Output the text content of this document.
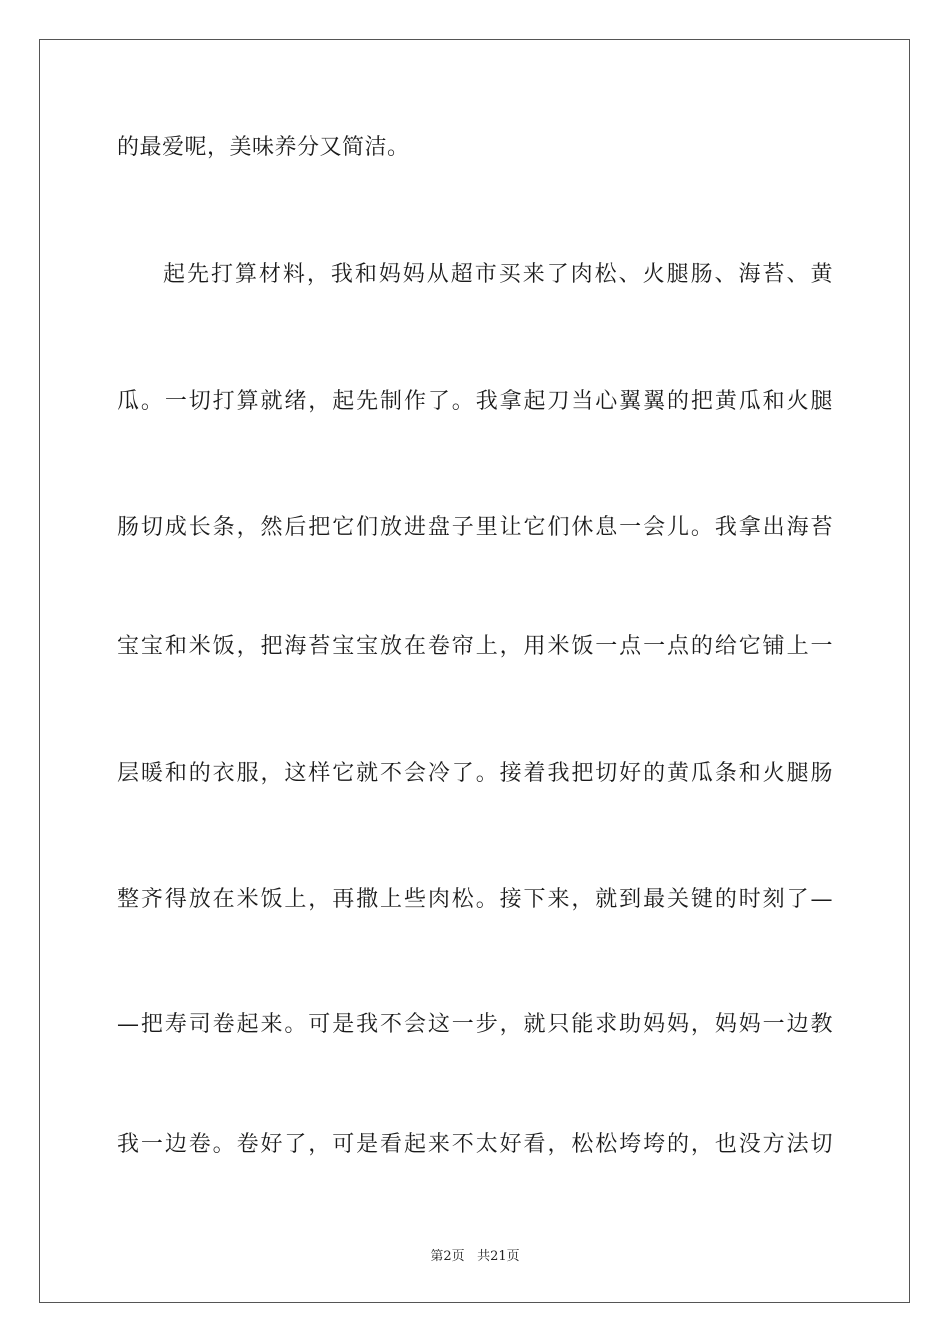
的最爱呢，美味养分又简洁。
起先打算材料，我和妈妈从超市买来了肉松、火腿肠、海苔、黄
瓜。一切打算就绪，起先制作了。我拿起刀当心翼翼的把黄瓜和火腿
肠切成长条，然后把它们放进盘子里让它们休息一会儿。我拿出海苔
宝宝和米饭，把海苔宝宝放在卷帘上，用米饭一点一点的给它铺上一
层暖和的衣服，这样它就不会冷了。接着我把切好的黄瓜条和火腿肠
整齐得放在米饭上，再撒上些肉松。接下来，就到最关键的时刻了—
—把寿司卷起来。可是我不会这一步，就只能求助妈妈，妈妈一边教
我一边卷。卷好了，可是看起来不太好看，松松垮垮的，也没方法切
第2页 共21页
